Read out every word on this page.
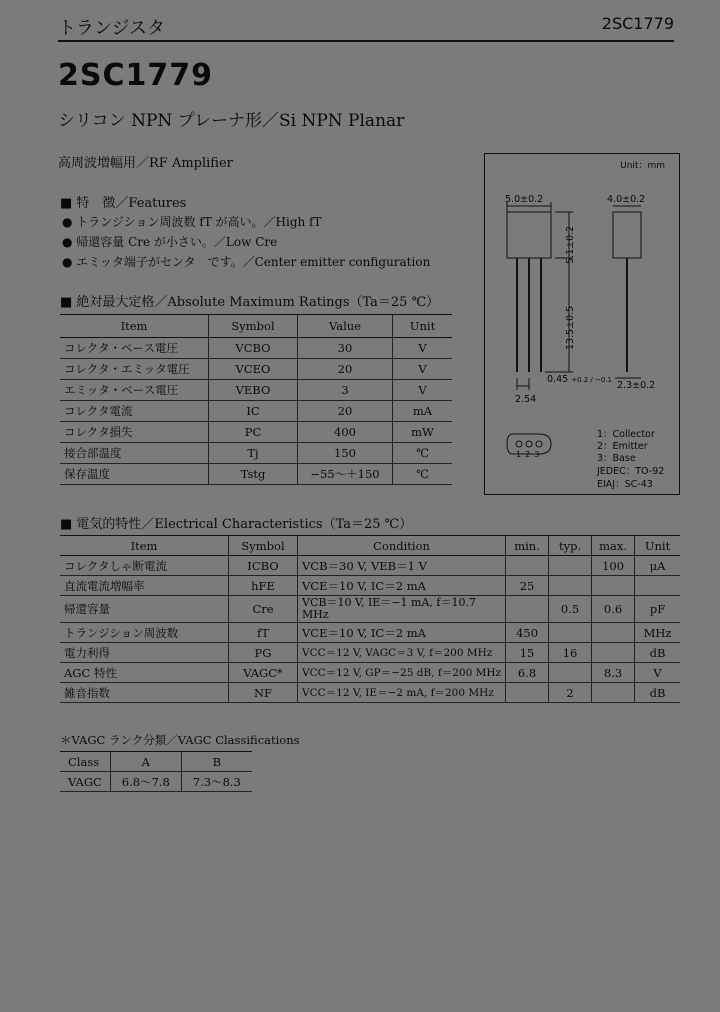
トランジスタ	2SC1779
2SC1779
シリコン NPN プレーナ形／Si NPN Planar
高周波増幅用／RF Amplifier
■ 特　徴／Features
● トランジション周波数 fT が高い。／High fT
● 帰還容量 Cre が小さい。／Low Cre
● エミッタ端子がセンタ　です。／Center emitter configuration
■ 絶対最大定格／Absolute Maximum Ratings（Ta＝25 ℃）
Item	Symbol	Value	Unit
コレクタ・ベース電圧	VCBO	30	V
コレクタ・エミッタ電圧	VCEO	20	V
エミッタ・ベース電圧	VEBO	3	V
コレクタ電流	IC	20	mA
コレクタ損失	PC	400	mW
接合部温度	Tj	150	℃
保存温度	Tstg	−55～＋150	℃
■ 電気的特性／Electrical Characteristics（Ta＝25 ℃）
Item	Symbol	Condition	min.	typ.	max.	Unit
コレクタしゃ断電流	ICBO	VCB＝30 V, VEB＝1 V			100	μA
直流電流増幅率	hFE	VCE＝10 V, IC＝2 mA	25			
帰還容量	Cre	VCB＝10 V, IE＝−1 mA, f＝10.7 MHz		0.5	0.6	pF
トランジション周波数	fT	VCE＝10 V, IC＝2 mA	450			MHz
電力利得	PG	VCC＝12 V, VAGC＝3 V, f＝200 MHz	15	16		dB
AGC 特性	VAGC*	VCC＝12 V, GP＝−25 dB, f＝200 MHz	6.8		8.3	V
雑音指数	NF	VCC＝12 V, IE＝−2 mA, f＝200 MHz		2		dB
＊VAGC ランク分類／VAGC Classifications
Class	A	B
VAGC	6.8～7.8	7.3～8.3
Unit：mm
5.0±0.2	4.0±0.2
5.1±0.2
13.5±0.5
0.45 +0.2 / −0.1
2.54
2.3±0.2
123
1：Collector
2：Emitter
3：Base
JEDEC：TO-92
EIAJ：SC-43
